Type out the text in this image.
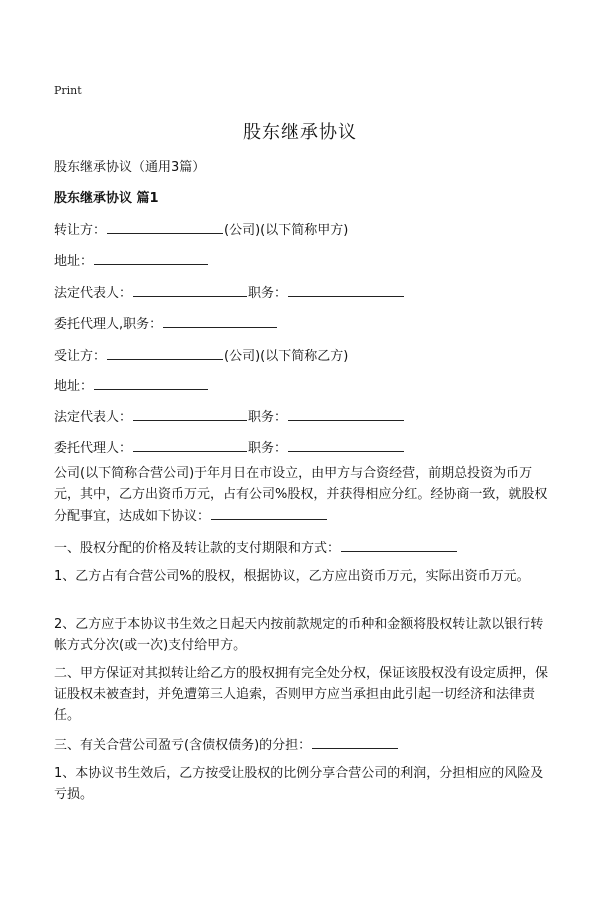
Print
股东继承协议
股东继承协议（通用3篇）
股东继承协议 篇1
转让方：	(公司)(以下简称甲方)
地址：
法定代表人：	职务：
委托代理人,职务：
受让方：	(公司)(以下简称乙方)
地址：
法定代表人：	职务：
委托代理人：	职务：
公司(以下简称合营公司)于年月日在市设立，由甲方与合资经营，前期总投资为币万元，其中，乙方出资币万元，占有公司%股权，并获得相应分红。经协商一致，就股权分配事宜，达成如下协议：
一、股权分配的价格及转让款的支付期限和方式：
1、乙方占有合营公司%的股权，根据协议，乙方应出资币万元，实际出资币万元。
2、乙方应于本协议书生效之日起天内按前款规定的币种和金额将股权转让款以银行转帐方式分次(或一次)支付给甲方。
二、甲方保证对其拟转让给乙方的股权拥有完全处分权，保证该股权没有设定质押，保证股权未被查封，并免遭第三人追索，否则甲方应当承担由此引起一切经济和法律责任。
三、有关合营公司盈亏(含债权债务)的分担：
1、本协议书生效后，乙方按受让股权的比例分享合营公司的利润，分担相应的风险及亏损。
